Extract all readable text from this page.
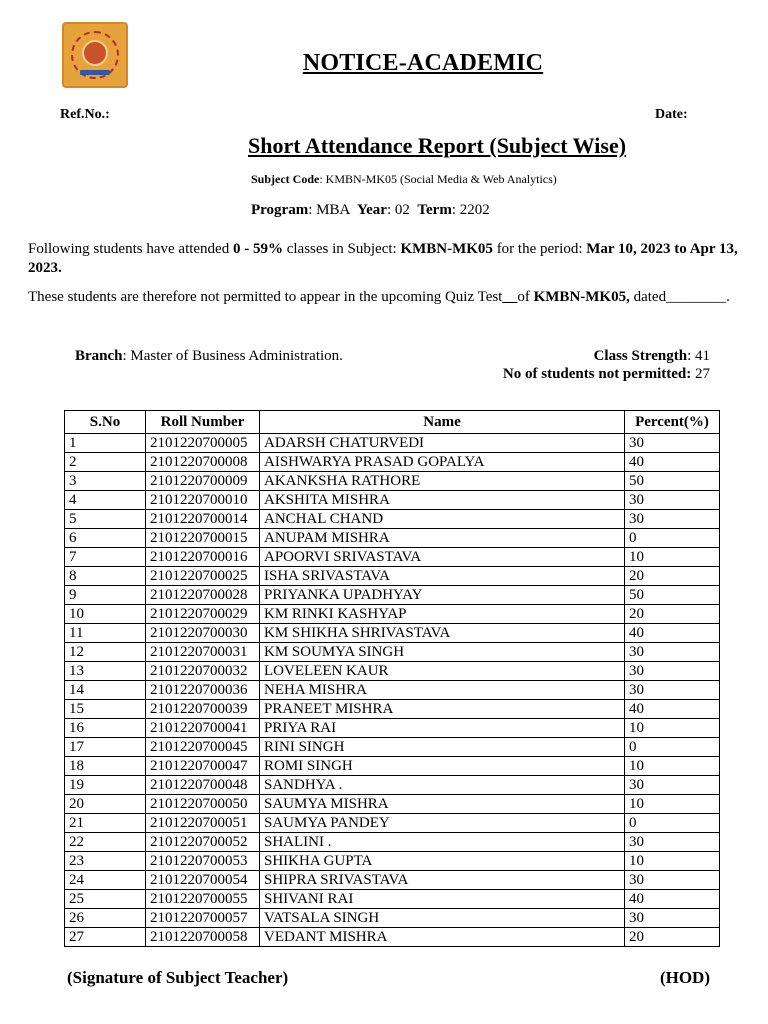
NOTICE-ACADEMIC
Ref.No.:	Date:
Short Attendance Report (Subject Wise)
Subject Code: KMBN-MK05 (Social Media & Web Analytics)
Program: MBA  Year: 02  Term: 2202
Following students have attended 0 - 59% classes in Subject: KMBN-MK05 for the period: Mar 10, 2023 to Apr 13, 2023.
These students are therefore not permitted to appear in the upcoming Quiz Test__of KMBN-MK05, dated________.
Branch: Master of Business Administration.	Class Strength: 41
No of students not permitted: 27
S.No	Roll Number	Name	Percent(%)
1	2101220700005	ADARSH CHATURVEDI	30
2	2101220700008	AISHWARYA PRASAD GOPALYA	40
3	2101220700009	AKANKSHA RATHORE	50
4	2101220700010	AKSHITA MISHRA	30
5	2101220700014	ANCHAL CHAND	30
6	2101220700015	ANUPAM MISHRA	0
7	2101220700016	APOORVI SRIVASTAVA	10
8	2101220700025	ISHA SRIVASTAVA	20
9	2101220700028	PRIYANKA UPADHYAY	50
10	2101220700029	KM RINKI KASHYAP	20
11	2101220700030	KM SHIKHA SHRIVASTAVA	40
12	2101220700031	KM SOUMYA SINGH	30
13	2101220700032	LOVELEEN KAUR	30
14	2101220700036	NEHA MISHRA	30
15	2101220700039	PRANEET MISHRA	40
16	2101220700041	PRIYA RAI	10
17	2101220700045	RINI SINGH	0
18	2101220700047	ROMI SINGH	10
19	2101220700048	SANDHYA .	30
20	2101220700050	SAUMYA MISHRA	10
21	2101220700051	SAUMYA PANDEY	0
22	2101220700052	SHALINI .	30
23	2101220700053	SHIKHA GUPTA	10
24	2101220700054	SHIPRA SRIVASTAVA	30
25	2101220700055	SHIVANI RAI	40
26	2101220700057	VATSALA SINGH	30
27	2101220700058	VEDANT MISHRA	20
(Signature of Subject Teacher)	(HOD)
